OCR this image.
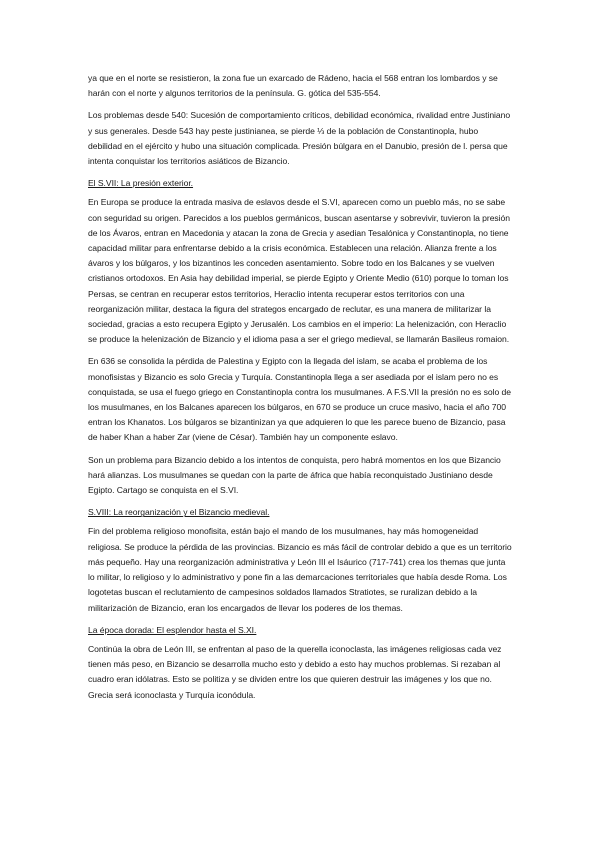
ya que en el norte se resistieron, la zona fue un exarcado de Rádeno, hacia el 568 entran los lombardos y se harán con el norte y algunos territorios de la península. G. gótica del 535-554.

Los problemas desde 540: Sucesión de comportamiento críticos, debilidad económica, rivalidad entre Justiniano y sus generales. Desde 543 hay peste justinianea, se pierde ⅓ de la población de Constantinopla, hubo debilidad en el ejército y hubo una situación complicada. Presión búlgara en el Danubio, presión de l. persa que intenta conquistar los territorios asiáticos de Bizancio.

El S.VII: La presión exterior.

En Europa se produce la entrada masiva de eslavos desde el S.VI, aparecen como un pueblo más, no se sabe con seguridad su origen. Parecidos a los pueblos germánicos, buscan asentarse y sobrevivir, tuvieron la presión de los Ávaros, entran en Macedonia y atacan la zona de Grecia y asedian Tesalónica y Constantinopla, no tiene capacidad militar para enfrentarse debido a la crisis económica. Establecen una relación. Alianza frente a los ávaros y los búlgaros, y los bizantinos les conceden asentamiento. Sobre todo en los Balcanes y se vuelven cristianos ortodoxos. En Asia hay debilidad imperial, se pierde Egipto y Oriente Medio (610) porque lo toman los Persas, se centran en recuperar estos territorios, Heraclio intenta recuperar estos territorios con una reorganización militar, destaca la figura del strategos encargado de reclutar, es una manera de militarizar la sociedad, gracias a esto recupera Egipto y Jerusalén. Los cambios en el imperio: La helenización, con Heraclio se produce la helenización de Bizancio y el idioma pasa a ser el griego medieval, se llamarán Basileus romaion.

En 636 se consolida la pérdida de Palestina y Egipto con la llegada del islam, se acaba el problema de los monofisistas y Bizancio es solo Grecia y Turquía. Constantinopla llega a ser asediada por el islam pero no es conquistada, se usa el fuego griego en Constantinopla contra los musulmanes. A F.S.VII la presión no es solo de los musulmanes, en los Balcanes aparecen los búlgaros, en 670 se produce un cruce masivo, hacia el año 700 entran los Khanatos. Los búlgaros se bizantinizan ya que adquieren lo que les parece bueno de Bizancio, pasa de haber Khan a haber Zar (viene de César). También hay un componente eslavo.

Son un problema para Bizancio debido a los intentos de conquista, pero habrá momentos en los que Bizancio hará alianzas. Los musulmanes se quedan con la parte de áfrica que había reconquistado Justiniano desde Egipto. Cartago se conquista en el S.VI.

S.VIII: La reorganización y el Bizancio medieval.

Fin del problema religioso monofisita, están bajo el mando de los musulmanes, hay más homogeneidad religiosa. Se produce la pérdida de las provincias. Bizancio es más fácil de controlar debido a que es un territorio más pequeño. Hay una reorganización administrativa y León III el Isáurico (717-741) crea los themas que junta lo militar, lo religioso y lo administrativo y pone fin a las demarcaciones territoriales que había desde Roma. Los logotetas buscan el reclutamiento de campesinos soldados llamados Stratiotes, se ruralizan debido a la militarización de Bizancio, eran los encargados de llevar los poderes de los themas.

La época dorada: El esplendor hasta el S.XI.

Continúa la obra de León III, se enfrentan al paso de la querella iconoclasta, las imágenes religiosas cada vez tienen más peso, en Bizancio se desarrolla mucho esto y debido a esto hay muchos problemas. Si rezaban al cuadro eran idólatras. Esto se politiza y se dividen entre los que quieren destruir las imágenes y los que no. Grecia será iconoclasta y Turquía iconódula.
